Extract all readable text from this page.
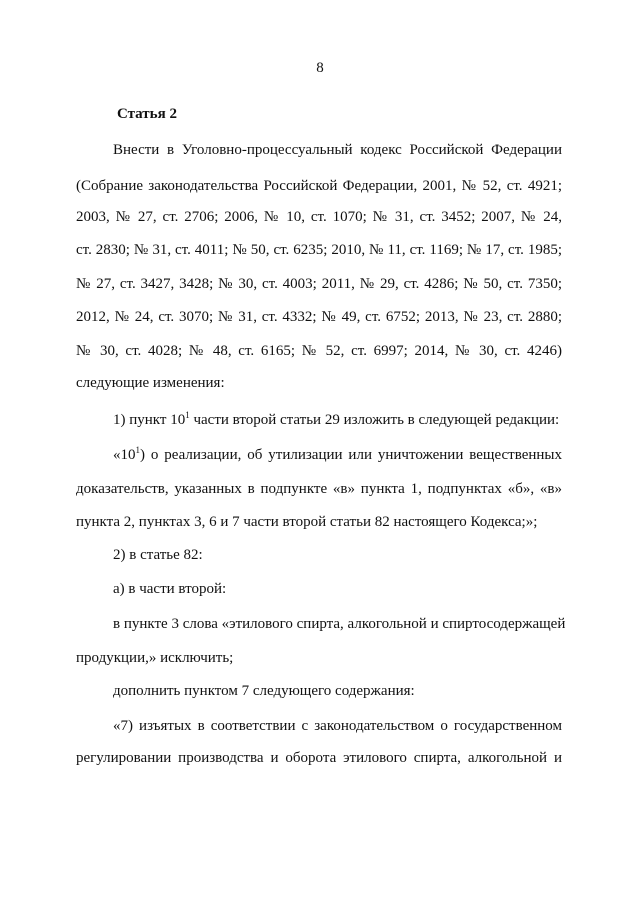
8
Статья 2
Внести в Уголовно-процессуальный кодекс Российской Федерации
(Собрание законодательства Российской Федерации, 2001, № 52, ст. 4921;
2003, № 27, ст. 2706; 2006, № 10, ст. 1070; № 31, ст. 3452; 2007, № 24,
ст. 2830; № 31, ст. 4011; № 50, ст. 6235; 2010, № 11, ст. 1169; № 17, ст. 1985;
№ 27, ст. 3427, 3428; № 30, ст. 4003; 2011, № 29, ст. 4286; № 50, ст. 7350;
2012, № 24, ст. 3070; № 31, ст. 4332; № 49, ст. 6752; 2013, № 23, ст. 2880;
№ 30, ст. 4028; № 48, ст. 6165; № 52, ст. 6997; 2014, № 30, ст. 4246)
следующие изменения:
1) пункт $10^1$ части второй статьи 29 изложить в следующей редакции:
«$10^1$) о реализации, об утилизации или уничтожении вещественных
доказательств, указанных в подпункте «в» пункта 1, подпунктах «б», «в»
пункта 2, пунктах 3, 6 и 7 части второй статьи 82 настоящего Кодекса;»;
2) в статье 82:
а) в части второй:
в пункте 3 слова «этилового спирта, алкогольной и спиртосодержащей
продукции,» исключить;
дополнить пунктом 7 следующего содержания:
«7) изъятых в соответствии с законодательством о государственном
регулировании производства и оборота этилового спирта, алкогольной и
